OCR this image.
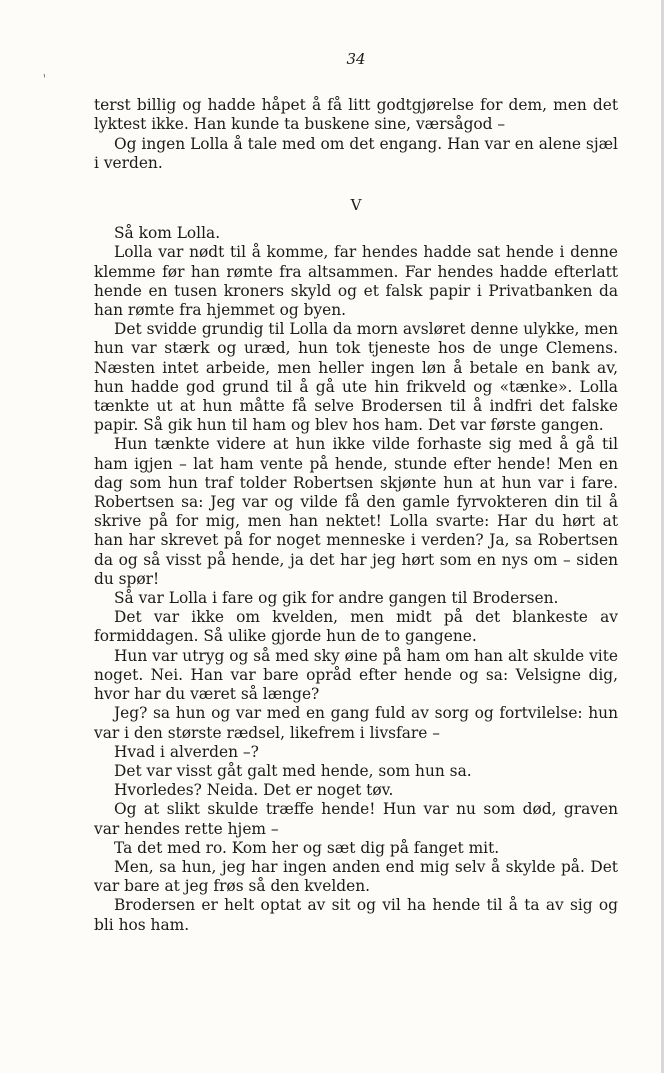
`
34

terst billig og hadde håpet å få litt godtgjørelse for dem, men det lyktest ikke. Han kunde ta buskene sine, værsågod –

Og ingen Lolla å tale med om det engang. Han var en alene sjæl i verden.

V

Så kom Lolla.

Lolla var nødt til å komme, far hendes hadde sat hende i denne klemme før han rømte fra altsammen. Far hendes hadde efterlatt hende en tusen kroners skyld og et falsk papir i Privatbanken da han rømte fra hjemmet og byen.

Det svidde grundig til Lolla da morn avsløret denne ulykke, men hun var stærk og uræd, hun tok tjeneste hos de unge Clemens. Næsten intet arbeide, men heller ingen løn å betale en bank av, hun hadde god grund til å gå ute hin frikveld og «tænke». Lolla tænkte ut at hun måtte få selve Brodersen til å indfri det falske papir. Så gik hun til ham og blev hos ham. Det var første gangen.

Hun tænkte videre at hun ikke vilde forhaste sig med å gå til ham igjen – lat ham vente på hende, stunde efter hende! Men en dag som hun traf tolder Robertsen skjønte hun at hun var i fare. Robertsen sa: Jeg var og vilde få den gamle fyrvokteren din til å skrive på for mig, men han nektet! Lolla svarte: Har du hørt at han har skrevet på for noget menneske i verden? Ja, sa Robertsen da og så visst på hende, ja det har jeg hørt som en nys om – siden du spør!

Så var Lolla i fare og gik for andre gangen til Brodersen.

Det var ikke om kvelden, men midt på det blankeste av formiddagen. Så ulike gjorde hun de to gangene.

Hun var utryg og så med sky øine på ham om han alt skulde vite noget. Nei. Han var bare opråd efter hende og sa: Velsigne dig, hvor har du været så længe?

Jeg? sa hun og var med en gang fuld av sorg og fortvilelse: hun var i den største rædsel, likefrem i livsfare –

Hvad i alverden –?

Det var visst gåt galt med hende, som hun sa.

Hvorledes? Neida. Det er noget tøv.

Og at slikt skulde træffe hende! Hun var nu som død, graven var hendes rette hjem –

Ta det med ro. Kom her og sæt dig på fanget mit.

Men, sa hun, jeg har ingen anden end mig selv å skylde på. Det var bare at jeg frøs så den kvelden.

Brodersen er helt optat av sit og vil ha hende til å ta av sig og bli hos ham.
